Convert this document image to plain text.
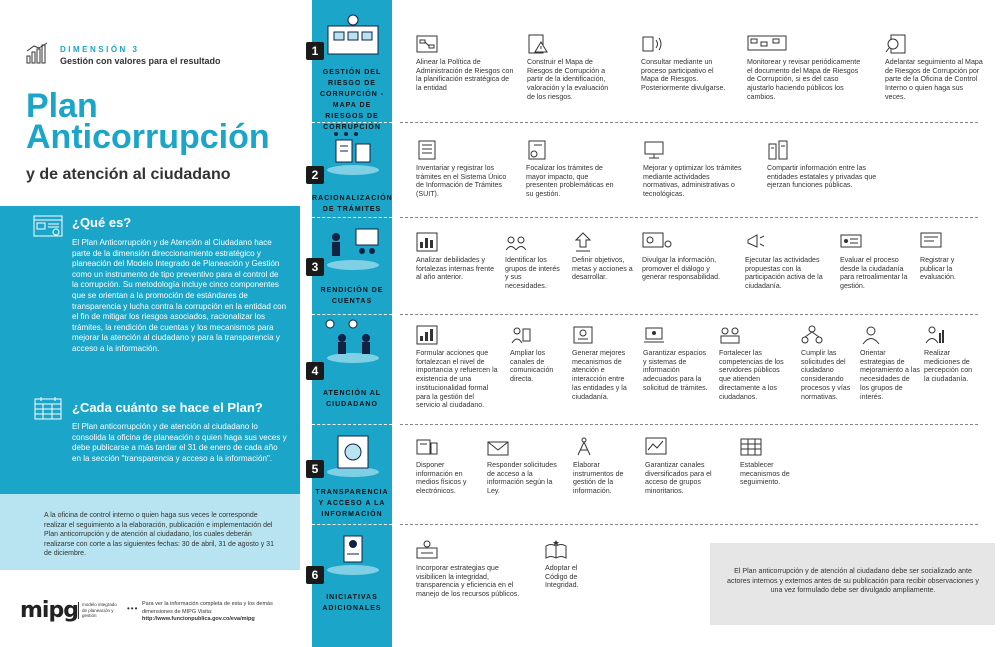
DIMENSIÓN 3
Gestión con valores para el resultado
Plan
Anticorrupción
y de atención al ciudadano
¿Qué es?
El Plan Anticorrupción y de Atención al Ciudadano hace parte de la dimensión direccionamiento estratégico y planeación del Modelo Integrado de Planeación y Gestión como un instrumento de tipo preventivo para el control de la corrupción. Su metodología incluye cinco componentes que se orientan a la promoción de estándares de transparencia y lucha contra la corrupción en la entidad con el fin de mitigar los riesgos asociados, racionalizar los trámites, la rendición de cuentas y los mecanismos para mejorar la atención al ciudadano y para la transparencia y acceso a la información.
¿Cada cuánto se hace el Plan?
El Plan anticorrupción y de atención al ciudadano lo consolida la oficina de planeación o quien haga sus veces y debe publicarse a más tardar el 31 de enero de cada año en la sección "transparencia y acceso a la información".
A la oficina de control interno o quien haga sus veces le corresponde realizar el seguimiento a la elaboración, publicación e implementación del Plan anticorrupción y de atención al ciudadano, los cuales deberán realizarse con corte a las siguientes fechas: 30 de abril, 31 de agosto y 31 de diciembre.
mipg modelo integrado de planeación y gestión
••• Para ver la información completa de esta y los demás dimensiones de MIPG Visita:
http://www.funcionpublica.gov.co/eva/mipg
1
GESTIÓN DEL RIESGO DE CORRUPCIÓN - MAPA DE RIESGOS DE CORRUPCIÓN
2
RACIONALIZACIÓN DE TRÁMITES
3
RENDICIÓN DE CUENTAS
4
ATENCIÓN AL CIUDADANO
5
TRANSPARENCIA Y ACCESO A LA INFORMACIÓN
6
INICIATIVAS ADICIONALES
Alinear la Política de Administración de Riesgos con la planificación estratégica de la entidad
Construir el Mapa de Riesgos de Corrupción a partir de la identificación, valoración y la evaluación de los riesgos.
Consultar mediante un proceso participativo el Mapa de Riesgos. Posteriormente divulgarse.
Monitorear y revisar periódicamente el documento del Mapa de Riesgos de Corrupción, si es del caso ajustarlo haciendo públicos los cambios.
Adelantar seguimiento al Mapa de Riesgos de Corrupción por parte de la Oficina de Control Interno o quien haga sus veces.
Inventariar y registrar los trámites en el Sistema Único de Información de Trámites (SUIT).
Focalizar los trámites de mayor impacto, que presenten problemáticas en su gestión.
Mejorar y optimizar los trámites mediante actividades normativas, administrativas o tecnológicas.
Compartir información entre las entidades estatales y privadas que ejerzan funciones públicas.
Analizar debilidades y fortalezas internas frente al año anterior.
Identificar los grupos de interés y sus necesidades.
Definir objetivos, metas y acciones a desarrollar.
Divulgar la información, promover el diálogo y generar responsabilidad.
Ejecutar las actividades propuestas con la participación activa de la ciudadanía.
Evaluar el proceso desde la ciudadanía para retroalimentar la gestión.
Registrar y publicar la evaluación.
Formular acciones que fortalezcan el nivel de importancia y refuercen la existencia de una institucionalidad formal para la gestión del servicio al ciudadano.
Ampliar los canales de comunicación directa.
Generar mejores mecanismos de atención e interacción entre las entidades y la ciudadanía.
Garantizar espacios y sistemas de información adecuados para la solicitud de trámites.
Fortalecer las competencias de los servidores públicos que atienden directamente a los ciudadanos.
Cumplir las solicitudes del ciudadano considerando procesos y vías normativas.
Orientar estrategias de mejoramiento a las necesidades de los grupos de interés.
Realizar mediciones de percepción con la ciudadanía.
Disponer información en medios físicos y electrónicos.
Responder solicitudes de acceso a la información según la Ley.
Elaborar instrumentos de gestión de la información.
Garantizar canales diversificados para el acceso de grupos minoritarios.
Establecer mecanismos de seguimiento.
Incorporar estrategias que visibilicen la integridad, transparencia y eficiencia en el manejo de los recursos públicos.
Adoptar el Código de Integridad.
El Plan anticorrupción y de atención al ciudadano debe ser socializado ante actores internos y externos antes de su publicación para recibir observaciones y una vez formulado debe ser divulgado ampliamente.
